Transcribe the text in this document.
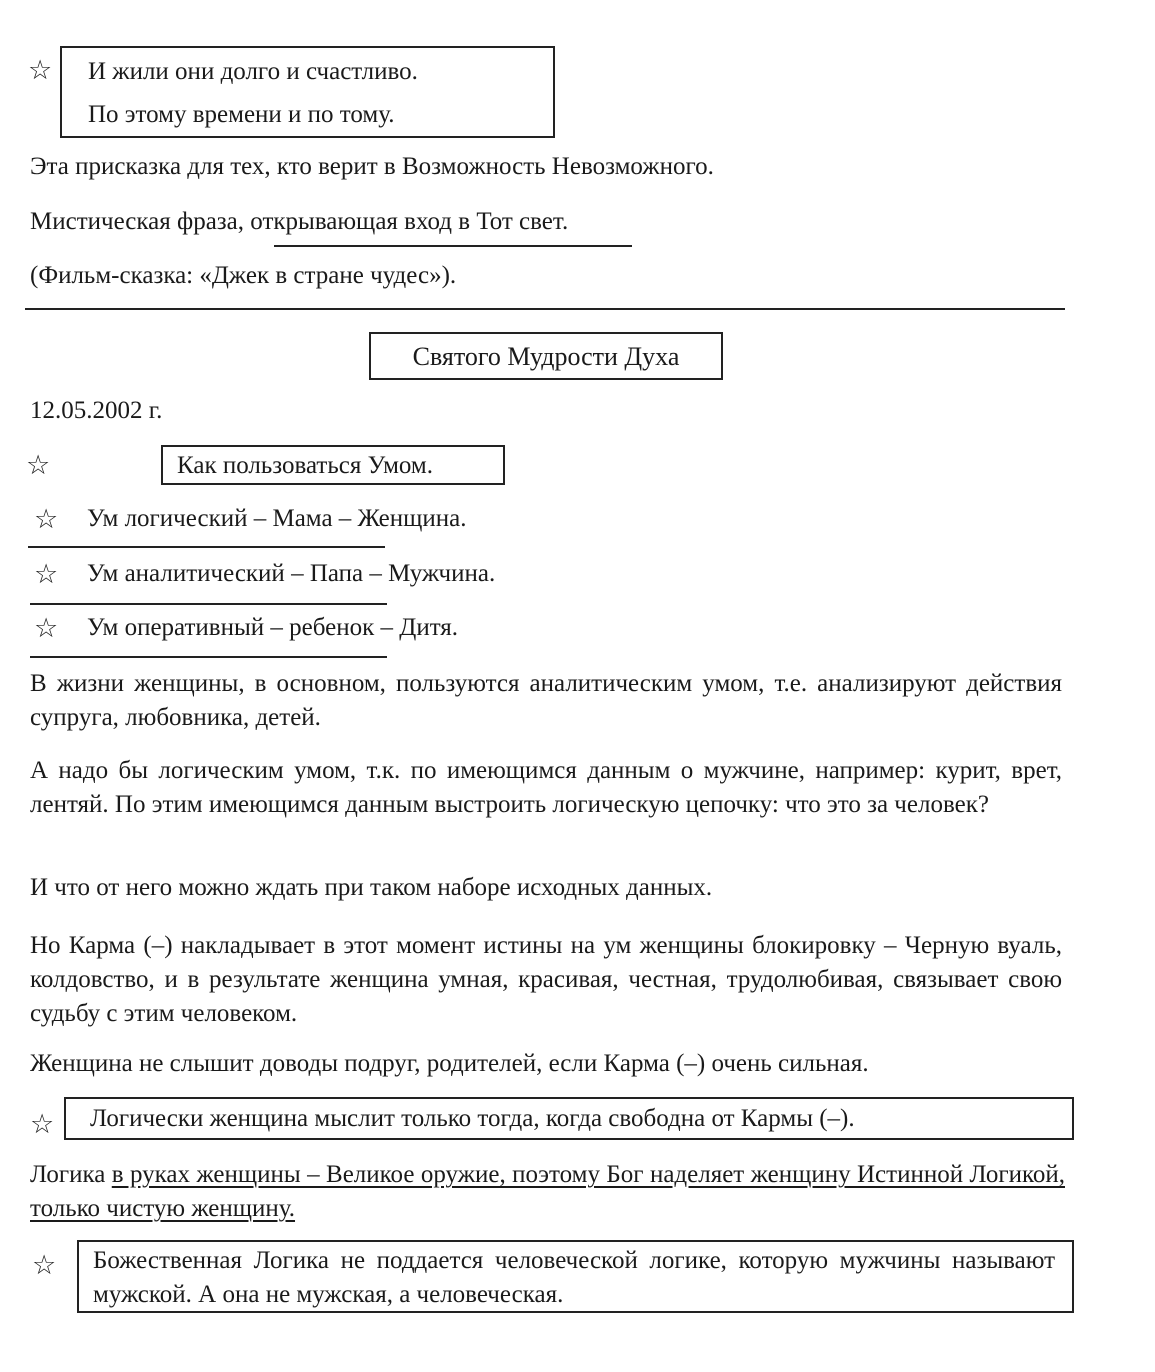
☆ И жили они долго и счастливо.
По этому времени и по тому.
Эта присказка для тех, кто верит в Возможность Невозможного.
Мистическая фраза, открывающая вход в Тот свет.
(Фильм-сказка: «Джек в стране чудес»).
Святого Мудрости Духа
12.05.2002 г.
☆	Как пользоваться Умом.
☆ Ум логический – Мама – Женщина.
☆ Ум аналитический – Папа – Мужчина.
☆ Ум оперативный – ребенок – Дитя.
В жизни женщины, в основном, пользуются аналитическим умом, т.е. анализируют действия супруга, любовника, детей.
А надо бы логическим умом, т.к. по имеющимся данным о мужчине, например: курит, врет, лентяй. По этим имеющимся данным выстроить логическую цепочку: что это за человек?
И что от него можно ждать при таком наборе исходных данных.
Но Карма (–) накладывает в этот момент истины на ум женщины блокировку – Черную вуаль, колдовство, и в результате женщина умная, красивая, честная, трудолюбивая, связывает свою судьбу с этим человеком.
Женщина не слышит доводы подруг, родителей, если Карма (–) очень сильная.
☆ Логически женщина мыслит только тогда, когда свободна от Кармы (–).
Логика в руках женщины – Великое оружие, поэтому Бог наделяет женщину Истинной Логикой, только чистую женщину.
☆ Божественная Логика не поддается человеческой логике, которую мужчины называют мужской. А она не мужская, а человеческая.
